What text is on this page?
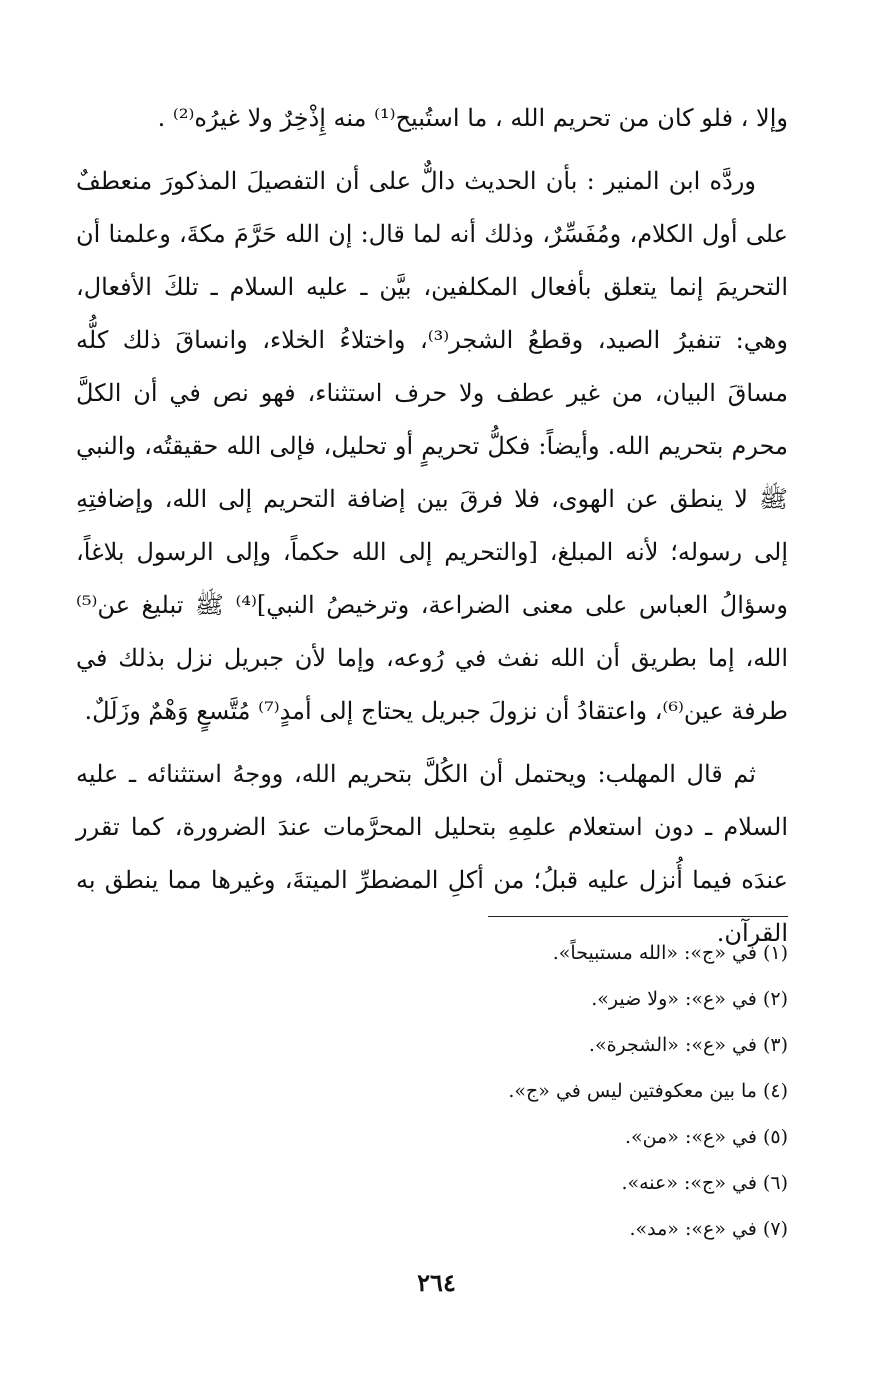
وإلا ، فلو كان من تحريم الله ، ما استُبيح⁽¹⁾ منه إِذْخِرٌ ولا غيرُه⁽²⁾ .

وردَّه ابن المنير : بأن الحديث دالٌّ على أن التفصيلَ المذكورَ منعطفٌ على أول الكلام، ومُفَسِّرٌ، وذلك أنه لما قال: إن الله حَرَّمَ مكةَ، وعلمنا أن التحريمَ إنما يتعلق بأفعال المكلفين، بيَّن ـ عليه السلام ـ تلكَ الأفعال، وهي: تنفيرُ الصيد، وقطعُ الشجر⁽³⁾، واختلاءُ الخلاء، وانساقَ ذلك كلُّه مساقَ البيان، من غير عطف ولا حرف استثناء، فهو نص في أن الكلَّ محرم بتحريم الله. وأيضاً: فكلُّ تحريمٍ أو تحليل، فإلى الله حقيقتُه، والنبي ﷺ لا ينطق عن الهوى، فلا فرقَ بين إضافة التحريم إلى الله، وإضافتِهِ إلى رسوله؛ لأنه المبلغ، [والتحريم إلى الله حكماً، وإلى الرسول بلاغاً، وسؤالُ العباس على معنى الضراعة، وترخيصُ النبي]⁽⁴⁾ ﷺ تبليغ عن⁽⁵⁾ الله، إما بطريق أن الله نفث في رُوعه، وإما لأن جبريل نزل بذلك في طرفة عين⁽⁶⁾، واعتقادُ أن نزولَ جبريل يحتاج إلى أمدٍ⁽⁷⁾ مُتَّسعٍ وَهْمٌ وزَلَلٌ.

ثم قال المهلب: ويحتمل أن الكُلَّ بتحريم الله، ووجهُ استثنائه ـ عليه السلام ـ دون استعلام علمِهِ بتحليل المحرَّمات عندَ الضرورة، كما تقرر عندَه فيما أُنزل عليه قبلُ؛ من أكلِ المضطرِّ الميتةَ، وغيرها مما ينطق به القرآن.

(١) في «ج»: «الله مستبيحاً».
(٢) في «ع»: «ولا ضير».
(٣) في «ع»: «الشجرة».
(٤) ما بين معكوفتين ليس في «ج».
(٥) في «ع»: «من».
(٦) في «ج»: «عنه».
(٧) في «ع»: «مد».
٢٦٤
